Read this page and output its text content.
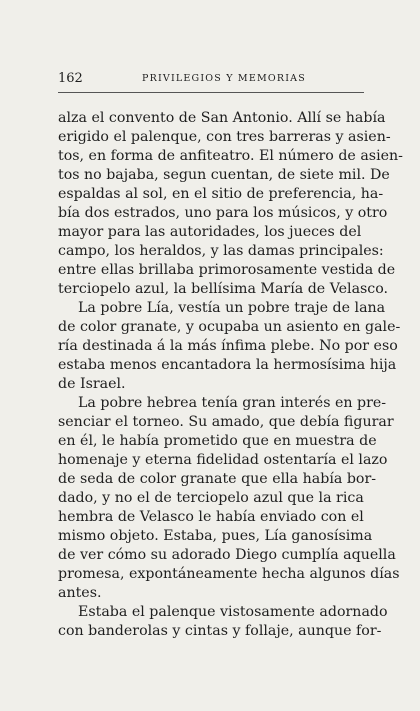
162	PRIVILEGIOS Y MEMORIAS
alza el convento de San Antonio. Allí se había
erigido el palenque, con tres barreras y asien-
tos, en forma de anfiteatro. El número de asien-
tos no bajaba, segun cuentan, de siete mil. De
espaldas al sol, en el sitio de preferencia, ha-
bía dos estrados, uno para los músicos, y otro
mayor para las autoridades, los jueces del
campo, los heraldos, y las damas principales:
entre ellas brillaba primorosamente vestida de
terciopelo azul, la bellísima María de Velasco.
La pobre Lía, vestía un pobre traje de lana
de color granate, y ocupaba un asiento en gale-
ría destinada á la más ínfima plebe. No por eso
estaba menos encantadora la hermosísima hija
de Israel.
La pobre hebrea tenía gran interés en pre-
senciar el torneo. Su amado, que debía figurar
en él, le había prometido que en muestra de
homenaje y eterna fidelidad ostentaría el lazo
de seda de color granate que ella había bor-
dado, y no el de terciopelo azul que la rica
hembra de Velasco le había enviado con el
mismo objeto. Estaba, pues, Lía ganosísima
de ver cómo su adorado Diego cumplía aquella
promesa, expontáneamente hecha algunos días
antes.
Estaba el palenque vistosamente adornado
con banderolas y cintas y follaje, aunque for-
